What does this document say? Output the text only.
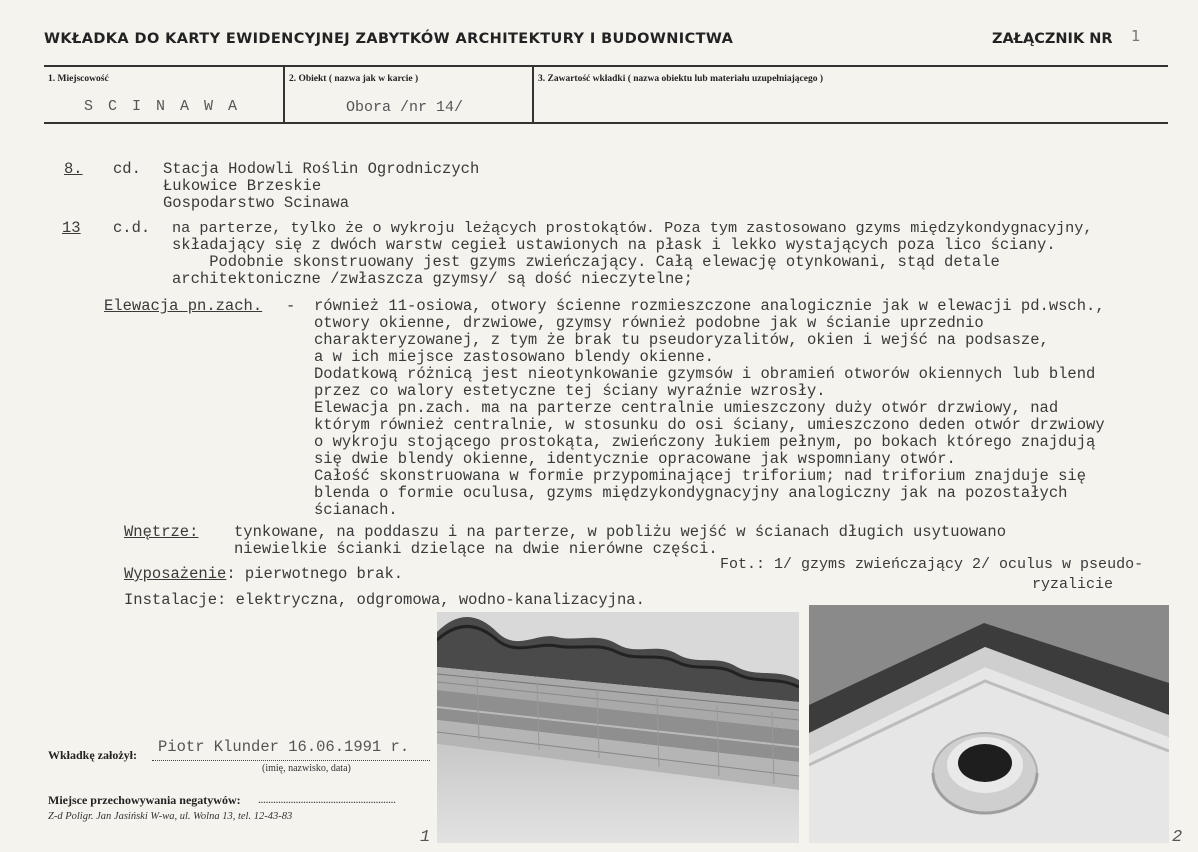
WKŁADKA DO KARTY EWIDENCYJNEJ ZABYTKÓW ARCHITEKTURY I BUDOWNICTWA	ZAŁĄCZNIK NR 1
1. Miejscowość
S C I N A W A
2. Obiekt ( nazwa jak w karcie )
Obora /nr 14/
3. Zawartość wkładki ( nazwa obiektu lub materiału uzupełniającego )
8. cd. Stacja Hodowli Roślin Ogrodniczych
Łukowice Brzeskie
Gospodarstwo Scinawa
13 c.d. na parterze, tylko że o wykroju leżących prostokątów. Poza tym zastosowano gzyms międzykondygnacyjny,
składający się z dwóch warstw cegieł ustawionych na płask i lekko wystających poza lico ściany.
Podobnie skonstruowany jest gzyms zwieńczający. Całą elewację otynkowani, stąd detale
architektoniczne /zwłaszcza gzymsy/ są dość nieczytelne;
Elewacja pn.zach. - również 11-osiowa, otwory ścienne rozmieszczone analogicznie jak w elewacji pd.wsch.,
otwory okienne, drzwiowe, gzymsy również podobne jak w ścianie uprzednio
charakteryzowanej, z tym że brak tu pseudoryzalitów, okien i wejść na podsasze,
a w ich miejsce zastosowano blendy okienne.
Dodatkową różnicą jest nieotynkowanie gzymsów i obramień otworów okiennych lub blend
przez co walory estetyczne tej ściany wyraźnie wzrosły.
Elewacja pn.zach. ma na parterze centralnie umieszczony duży otwór drzwiowy, nad
którym również centralnie, w stosunku do osi ściany, umieszczono deden otwór drzwiowy
o wykroju stojącego prostokąta, zwieńczony łukiem pełnym, po bokach którego znajdują
się dwie blendy okienne, identycznie opracowane jak wspomniany otwór.
Całość skonstruowana w formie przypominającej triforium; nad triforium znajduje się
blenda o formie oculusa, gzyms międzykondygnacyjny analogiczny jak na pozostałych
ścianach.
Wnętrze: tynkowane, na poddaszu i na parterze, w pobliżu wejść w ścianach długich usytuowano
niewielkie ścianki dzielące na dwie nierówne części.
Wyposażenie: pierwotnego brak.
Instalacje: elektryczna, odgromowa, wodno-kanalizacyjna.
Fot.: 1/ gzyms zwieńczający 2/ oculus w pseudo-
ryzalicie
1	2
Wkładkę założył: Piotr Klunder 16.06.1991 r.
(imię, nazwisko, data)
Miejsce przechowywania negatywów: .......................................................
Z-d Poligr. Jan Jasiński W-wa, ul. Wolna 13, tel. 12-43-83
